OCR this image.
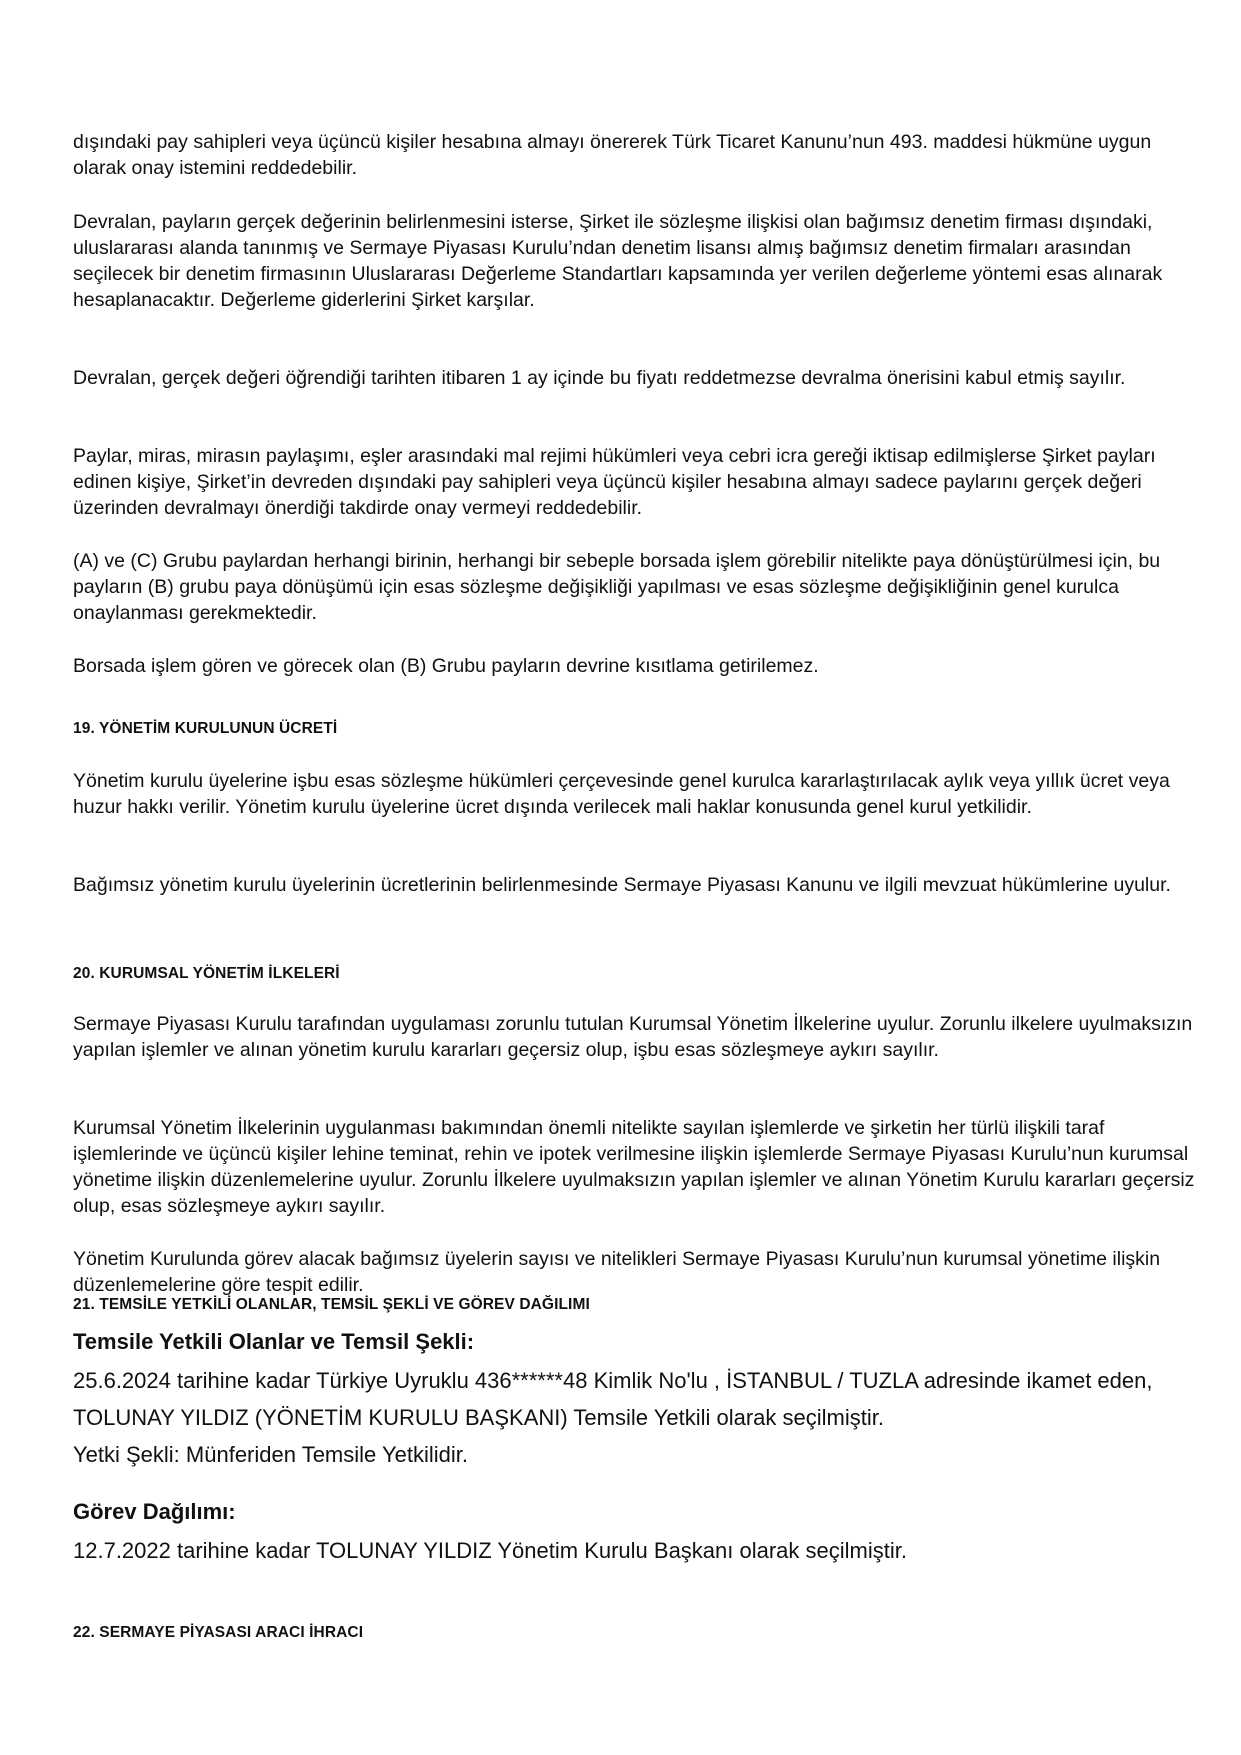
dışındaki pay sahipleri veya üçüncü kişiler hesabına almayı önererek Türk Ticaret Kanunu’nun 493. maddesi hükmüne uygun olarak onay istemini reddedebilir.

Devralan, payların gerçek değerinin belirlenmesini isterse, Şirket ile sözleşme ilişkisi olan bağımsız denetim firması dışındaki, uluslararası alanda tanınmış ve Sermaye Piyasası Kurulu’ndan denetim lisansı almış bağımsız denetim firmaları arasından seçilecek bir denetim firmasının Uluslararası Değerleme Standartları kapsamında yer verilen değerleme yöntemi esas alınarak hesaplanacaktır. Değerleme giderlerini Şirket karşılar.

Devralan, gerçek değeri öğrendiği tarihten itibaren 1 ay içinde bu fiyatı reddetmezse devralma önerisini kabul etmiş sayılır.

Paylar, miras, mirasın paylaşımı, eşler arasındaki mal rejimi hükümleri veya cebri icra gereği iktisap edilmişlerse Şirket payları edinen kişiye, Şirket’in devreden dışındaki pay sahipleri veya üçüncü kişiler hesabına almayı sadece paylarını gerçek değeri üzerinden devralmayı önerdiği takdirde onay vermeyi reddedebilir.

(A) ve (C) Grubu paylardan herhangi birinin, herhangi bir sebeple borsada işlem görebilir nitelikte paya dönüştürülmesi için, bu payların (B) grubu paya dönüşümü için esas sözleşme değişikliği yapılması ve esas sözleşme değişikliğinin genel kurulca onaylanması gerekmektedir.

Borsada işlem gören ve görecek olan (B) Grubu payların devrine kısıtlama getirilemez.

19. YÖNETİM KURULUNUN ÜCRETİ

Yönetim kurulu üyelerine işbu esas sözleşme hükümleri çerçevesinde genel kurulca kararlaştırılacak aylık veya yıllık ücret veya huzur hakkı verilir. Yönetim kurulu üyelerine ücret dışında verilecek mali haklar konusunda genel kurul yetkilidir.

Bağımsız yönetim kurulu üyelerinin ücretlerinin belirlenmesinde Sermaye Piyasası Kanunu ve ilgili mevzuat hükümlerine uyulur.

20. KURUMSAL YÖNETİM İLKELERİ

Sermaye Piyasası Kurulu tarafından uygulaması zorunlu tutulan Kurumsal Yönetim İlkelerine uyulur. Zorunlu ilkelere uyulmaksızın yapılan işlemler ve alınan yönetim kurulu kararları geçersiz olup, işbu esas sözleşmeye aykırı sayılır.

Kurumsal Yönetim İlkelerinin uygulanması bakımından önemli nitelikte sayılan işlemlerde ve şirketin her türlü ilişkili taraf işlemlerinde ve üçüncü kişiler lehine teminat, rehin ve ipotek verilmesine ilişkin işlemlerde Sermaye Piyasası Kurulu’nun kurumsal yönetime ilişkin düzenlemelerine uyulur. Zorunlu İlkelere uyulmaksızın yapılan işlemler ve alınan Yönetim Kurulu kararları geçersiz olup, esas sözleşmeye aykırı sayılır.

Yönetim Kurulunda görev alacak bağımsız üyelerin sayısı ve nitelikleri Sermaye Piyasası Kurulu’nun kurumsal yönetime ilişkin düzenlemelerine göre tespit edilir.

21. TEMSİLE YETKİLİ OLANLAR, TEMSİL ŞEKLİ VE GÖREV DAĞILIMI
Temsile Yetkili Olanlar ve Temsil Şekli:

25.6.2024 tarihine kadar Türkiye Uyruklu 436******48 Kimlik No'lu , İSTANBUL / TUZLA adresinde ikamet eden, TOLUNAY YILDIZ (YÖNETİM KURULU BAŞKANI) Temsile Yetkili olarak seçilmiştir.

Yetki Şekli: Münferiden Temsile Yetkilidir.

Görev Dağılımı:

12.7.2022 tarihine kadar TOLUNAY YILDIZ Yönetim Kurulu Başkanı olarak seçilmiştir.

22. SERMAYE PİYASASI ARACI İHRACI
